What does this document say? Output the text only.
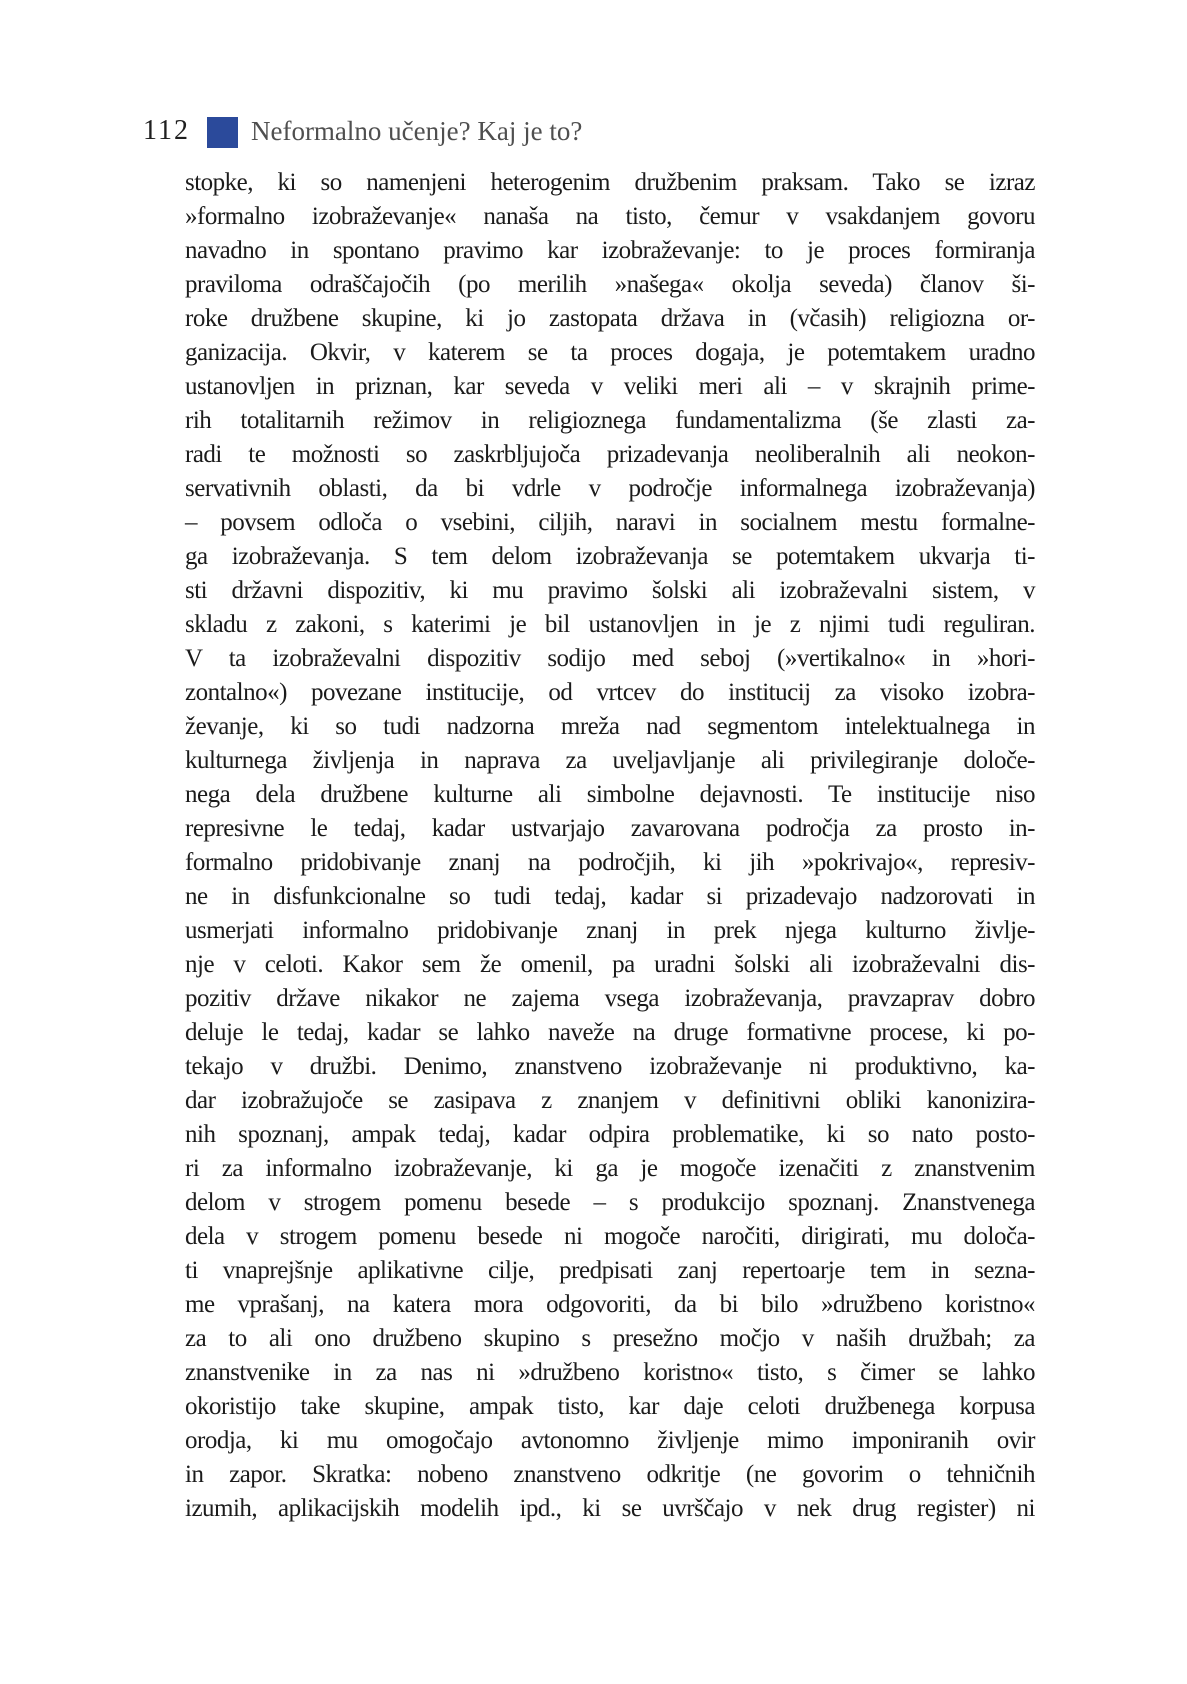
112 Neformalno učenje? Kaj je to?
stopke, ki so namenjeni heterogenim družbenim praksam. Tako se izraz
»formalno izobraževanje« nanaša na tisto, čemur v vsakdanjem govoru
navadno in spontano pravimo kar izobraževanje: to je proces formiranja
praviloma odraščajočih (po merilih »našega« okolja seveda) članov ši-
roke družbene skupine, ki jo zastopata država in (včasih) religiozna or-
ganizacija. Okvir, v katerem se ta proces dogaja, je potemtakem uradno
ustanovljen in priznan, kar seveda v veliki meri ali – v skrajnih prime-
rih totalitarnih režimov in religioznega fundamentalizma (še zlasti za-
radi te možnosti so zaskrbljujoča prizadevanja neoliberalnih ali neokon-
servativnih oblasti, da bi vdrle v področje informalnega izobraževanja)
– povsem odloča o vsebini, ciljih, naravi in socialnem mestu formalne-
ga izobraževanja. S tem delom izobraževanja se potemtakem ukvarja ti-
sti državni dispozitiv, ki mu pravimo šolski ali izobraževalni sistem, v
skladu z zakoni, s katerimi je bil ustanovljen in je z njimi tudi reguliran.
V ta izobraževalni dispozitiv sodijo med seboj (»vertikalno« in »hori-
zontalno«) povezane institucije, od vrtcev do institucij za visoko izobra-
ževanje, ki so tudi nadzorna mreža nad segmentom intelektualnega in
kulturnega življenja in naprava za uveljavljanje ali privilegiranje določe-
nega dela družbene kulturne ali simbolne dejavnosti. Te institucije niso
represivne le tedaj, kadar ustvarjajo zavarovana področja za prosto in-
formalno pridobivanje znanj na področjih, ki jih »pokrivajo«, represiv-
ne in disfunkcionalne so tudi tedaj, kadar si prizadevajo nadzorovati in
usmerjati informalno pridobivanje znanj in prek njega kulturno življe-
nje v celoti. Kakor sem že omenil, pa uradni šolski ali izobraževalni dis-
pozitiv države nikakor ne zajema vsega izobraževanja, pravzaprav dobro
deluje le tedaj, kadar se lahko naveže na druge formativne procese, ki po-
tekajo v družbi. Denimo, znanstveno izobraževanje ni produktivno, ka-
dar izobražujoče se zasipava z znanjem v definitivni obliki kanonizira-
nih spoznanj, ampak tedaj, kadar odpira problematike, ki so nato posto-
ri za informalno izobraževanje, ki ga je mogoče izenačiti z znanstvenim
delom v strogem pomenu besede – s produkcijo spoznanj. Znanstvenega
dela v strogem pomenu besede ni mogoče naročiti, dirigirati, mu določa-
ti vnaprejšnje aplikativne cilje, predpisati zanj repertoarje tem in sezna-
me vprašanj, na katera mora odgovoriti, da bi bilo »družbeno koristno«
za to ali ono družbeno skupino s presežno močjo v naših družbah; za
znanstvenike in za nas ni »družbeno koristno« tisto, s čimer se lahko
okoristijo take skupine, ampak tisto, kar daje celoti družbenega korpusa
orodja, ki mu omogočajo avtonomno življenje mimo imponiranih ovir
in zapor. Skratka: nobeno znanstveno odkritje (ne govorim o tehničnih
izumih, aplikacijskih modelih ipd., ki se uvrščajo v nek drug register) ni
